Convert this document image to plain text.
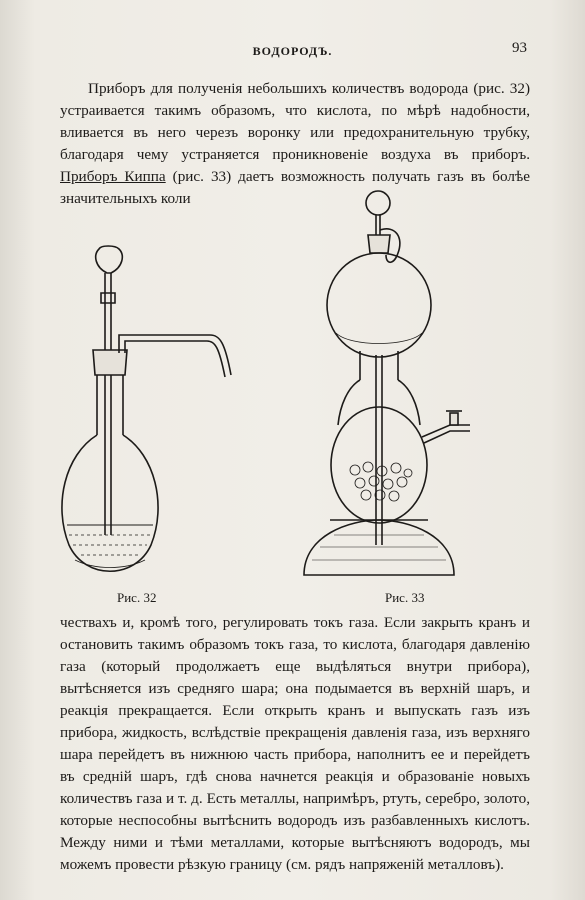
ВОДОРОДЪ.	93

Приборъ для полученія небольшихъ количествъ водорода (рис. 32) устраивается такимъ образомъ, что кислота, по мѣрѣ надобности, вливается въ него черезъ воронку или предохранительную трубку, благодаря чему устраняется проникновеніе воздуха въ приборъ. Приборъ Киппа (рис. 33) даетъ возможность получать газъ въ болѣе значительныхъ коли

Рис. 32	Рис. 33

чествахъ и, кромѣ того, регулировать токъ газа. Если закрыть кранъ и остановить такимъ образомъ токъ газа, то кислота, благодаря давленію газа (который продолжаетъ еще выдѣляться внутри прибора), вытѣсняется изъ средняго шара; она подымается въ верхній шаръ, и реакція прекращается. Если открыть кранъ и выпускать газъ изъ прибора, жидкость, вслѣдствіе прекращенія давленія газа, изъ верхняго шара перейдетъ въ нижнюю часть прибора, наполнитъ ее и перейдетъ въ средній шаръ, гдѣ снова начнется реакція и образованіе новыхъ количествъ газа и т. д. Есть металлы, напримѣръ, ртуть, серебро, золото, которые неспособны вытѣснить водородъ изъ разбавленныхъ кислотъ. Между ними и тѣми металлами, которые вытѣсняютъ водородъ, мы можемъ провести рѣзкую границу (см. рядъ напряженій металловъ).
